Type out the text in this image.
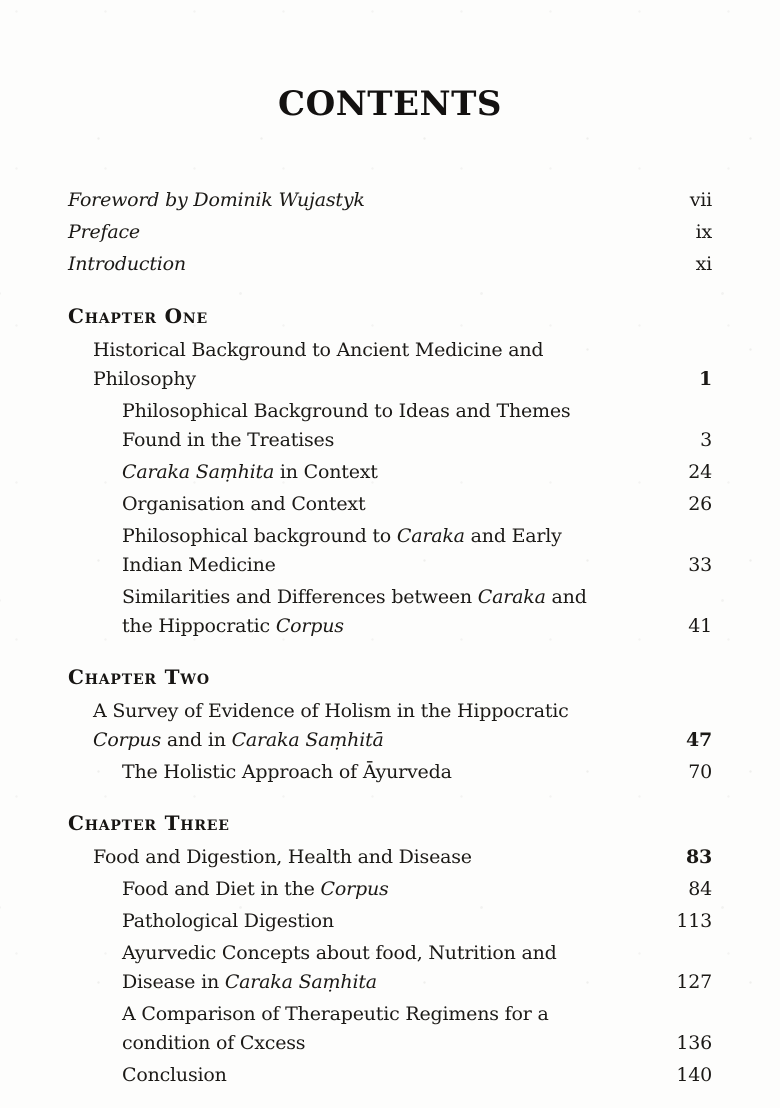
CONTENTS
Foreword by Dominik Wujastyk	vii
Preface	ix
Introduction	xi
Chapter One
Historical Background to Ancient Medicine and
Philosophy	1
Philosophical Background to Ideas and Themes
Found in the Treatises	3
Caraka Saṃhita in Context	24
Organisation and Context	26
Philosophical background to Caraka and Early
Indian Medicine	33
Similarities and Differences between Caraka and
the Hippocratic Corpus	41
Chapter Two
A Survey of Evidence of Holism in the Hippocratic
Corpus and in Caraka Saṃhitā	47
The Holistic Approach of Āyurveda	70
Chapter Three
Food and Digestion, Health and Disease	83
Food and Diet in the Corpus	84
Pathological Digestion	113
Ayurvedic Concepts about food, Nutrition and
Disease in Caraka Saṃhita	127
A Comparison of Therapeutic Regimens for a
condition of Cxcess	136
Conclusion	140
